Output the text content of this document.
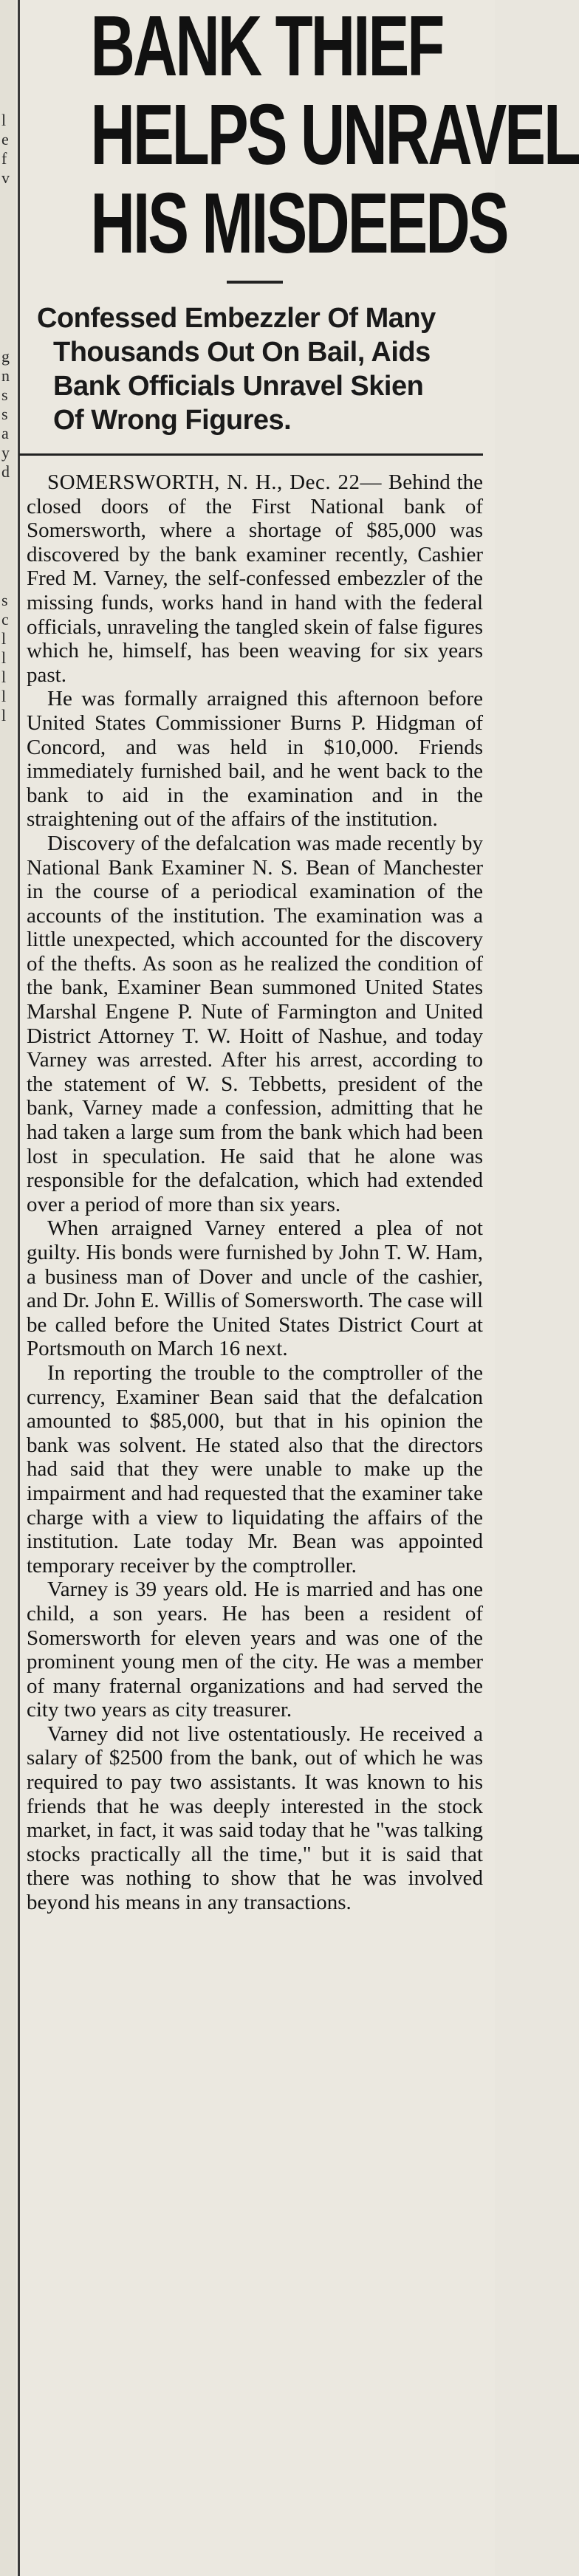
l
e
f
v
g
n
s
s
a
y
d
s
c
l
l
l
l
l
BANK THIEF
HELPS UNRAVEL
HIS MISDEEDS
Confessed Embezzler Of Many
Thousands Out On Bail, Aids
Bank Officials Unravel Skien
Of Wrong Figures.

SOMERSWORTH, N. H., Dec. 22— Behind the closed doors of the First National bank of Somersworth, where a shortage of $85,000 was discovered by the bank examiner recently, Cashier Fred M. Varney, the self-confessed embezzler of the missing funds, works hand in hand with the federal officials, unraveling the tangled skein of false figures which he, himself, has been weaving for six years past.

He was formally arraigned this afternoon before United States Commissioner Burns P. Hidgman of Concord, and was held in $10,000. Friends immediately furnished bail, and he went back to the bank to aid in the examination and in the straightening out of the affairs of the institution.

Discovery of the defalcation was made recently by National Bank Examiner N. S. Bean of Manchester in the course of a periodical examination of the accounts of the institution. The examination was a little unexpected, which accounted for the discovery of the thefts. As soon as he realized the condition of the bank, Examiner Bean summoned United States Marshal Engene P. Nute of Farmington and United District Attorney T. W. Hoitt of Nashue, and today Varney was arrested. After his arrest, according to the statement of W. S. Tebbetts, president of the bank, Varney made a confession, admitting that he had taken a large sum from the bank which had been lost in speculation. He said that he alone was responsible for the defalcation, which had extended over a period of more than six years.

When arraigned Varney entered a plea of not guilty. His bonds were furnished by John T. W. Ham, a business man of Dover and uncle of the cashier, and Dr. John E. Willis of Somersworth. The case will be called before the United States District Court at Portsmouth on March 16 next.

In reporting the trouble to the comptroller of the currency, Examiner Bean said that the defalcation amounted to $85,000, but that in his opinion the bank was solvent. He stated also that the directors had said that they were unable to make up the impairment and had requested that the examiner take charge with a view to liquidating the affairs of the institution. Late today Mr. Bean was appointed temporary receiver by the comptroller.

Varney is 39 years old. He is married and has one child, a son years. He has been a resident of Somersworth for eleven years and was one of the prominent young men of the city. He was a member of many fraternal organizations and had served the city two years as city treasurer.

Varney did not live ostentatiously. He received a salary of $2500 from the bank, out of which he was required to pay two assistants. It was known to his friends that he was deeply interested in the stock market, in fact, it was said today that he "was talking stocks practically all the time," but it is said that there was nothing to show that he was involved beyond his means in any transactions.
